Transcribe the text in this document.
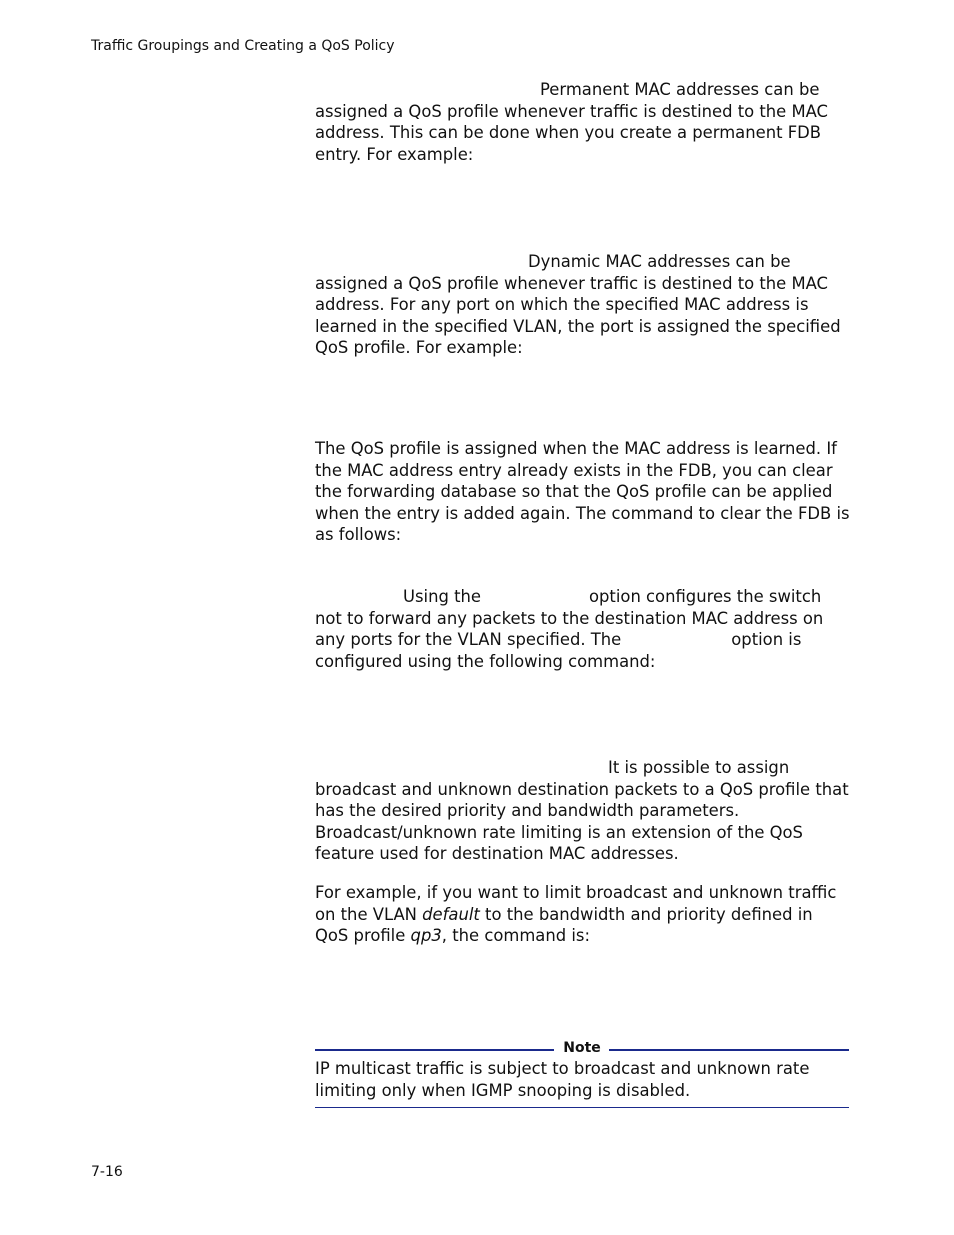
Traffic Groupings and Creating a QoS Policy

Permanent MAC addresses can be assigned a QoS profile whenever traffic is destined to the MAC address. This can be done when you create a permanent FDB entry. For example:

Dynamic MAC addresses can be assigned a QoS profile whenever traffic is destined to the MAC address. For any port on which the specified MAC address is learned in the specified VLAN, the port is assigned the specified QoS profile. For example:

The QoS profile is assigned when the MAC address is learned. If the MAC address entry already exists in the FDB, you can clear the forwarding database so that the QoS profile can be applied when the entry is added again. The command to clear the FDB is as follows:

Using the	option configures the switch not to forward any packets to the destination MAC address on any ports for the VLAN specified. The	option is configured using the following command:

It is possible to assign broadcast and unknown destination packets to a QoS profile that has the desired priority and bandwidth parameters. Broadcast/unknown rate limiting is an extension of the QoS feature used for destination MAC addresses.

For example, if you want to limit broadcast and unknown traffic on the VLAN default to the bandwidth and priority defined in QoS profile qp3, the command is:

Note
IP multicast traffic is subject to broadcast and unknown rate limiting only when IGMP snooping is disabled.
7-16
